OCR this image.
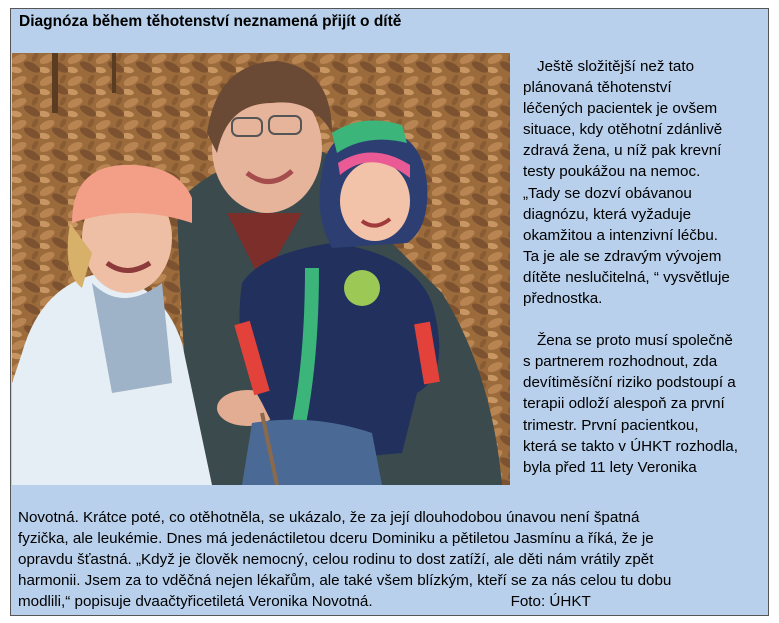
Diagnóza během těhotenství neznamená přijít o dítě

Ještě složitější než tato

plánovaná těhotenství

léčených pacientek je ovšem

situace, kdy otěhotní zdánlivě

zdravá žena, u níž pak krevní

testy poukážou na nemoc.

„Tady se dozví obávanou

diagnózu, která vyžaduje

okamžitou a intenzivní léčbu.

Ta je ale se zdravým vývojem

dítěte neslučitelná, “ vysvětluje

přednostka.

Žena se proto musí společně

s partnerem rozhodnout, zda

devítiměsíční riziko podstoupí a

terapii odloží alespoň za první

trimestr. První pacientkou,

která se takto v ÚHKT rozhodla,

byla před 11 lety Veronika

Novotná. Krátce poté, co otěhotněla, se ukázalo, že za její dlouhodobou únavou není špatná

fyzička, ale leukémie. Dnes má jedenáctiletou dceru Dominiku a pětiletou Jasmínu a říká, že je

opravdu šťastná. „Když je člověk nemocný, celou rodinu to dost zatíží, ale děti nám vrátily zpět

harmonii. Jsem za to vděčná nejen lékařům, ale také všem blízkým, kteří se za nás celou tu dobu

modlili,“ popisuje dvaačtyřicetiletá Veronika Novotná.	Foto: ÚHKT
